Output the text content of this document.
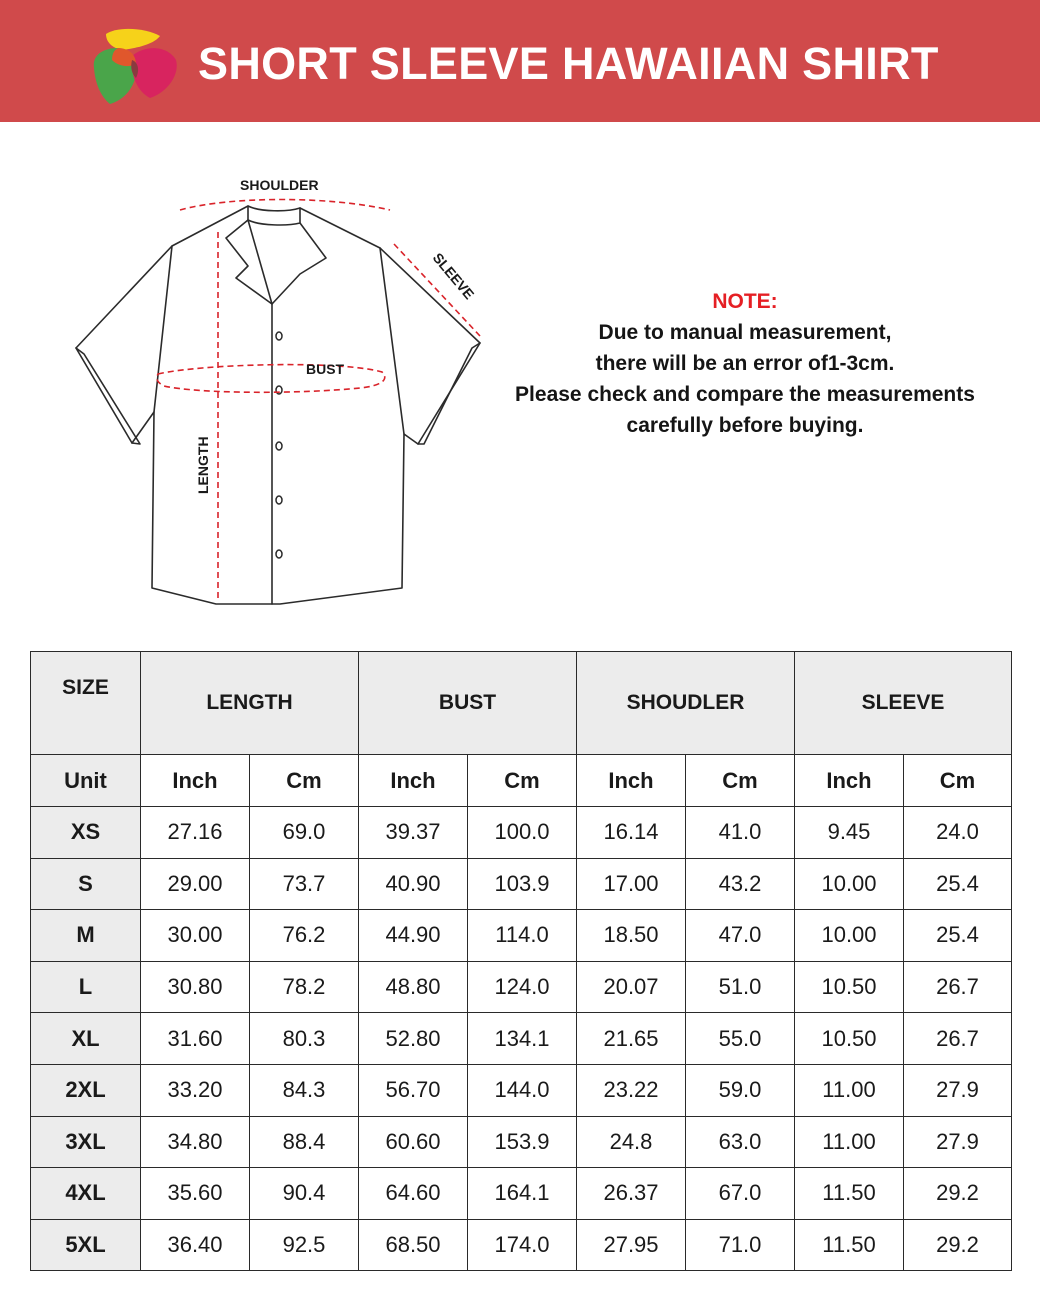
SHORT SLEEVE HAWAIIAN SHIRT
SHOULDER
SLEEVE
BUST
LENGTH
NOTE:
Due to manual measurement,
there will be an error of1-3cm.
Please check and compare the measurements
carefully before buying.
SIZE	LENGTH		BUST		SHOUDLER		SLEEVE	
Unit	Inch	Cm	Inch	Cm	Inch	Cm	Inch	Cm
XS	27.16	69.0	39.37	100.0	16.14	41.0	9.45	24.0
S	29.00	73.7	40.90	103.9	17.00	43.2	10.00	25.4
M	30.00	76.2	44.90	114.0	18.50	47.0	10.00	25.4
L	30.80	78.2	48.80	124.0	20.07	51.0	10.50	26.7
XL	31.60	80.3	52.80	134.1	21.65	55.0	10.50	26.7
2XL	33.20	84.3	56.70	144.0	23.22	59.0	11.00	27.9
3XL	34.80	88.4	60.60	153.9	24.8	63.0	11.00	27.9
4XL	35.60	90.4	64.60	164.1	26.37	67.0	11.50	29.2
5XL	36.40	92.5	68.50	174.0	27.95	71.0	11.50	29.2
